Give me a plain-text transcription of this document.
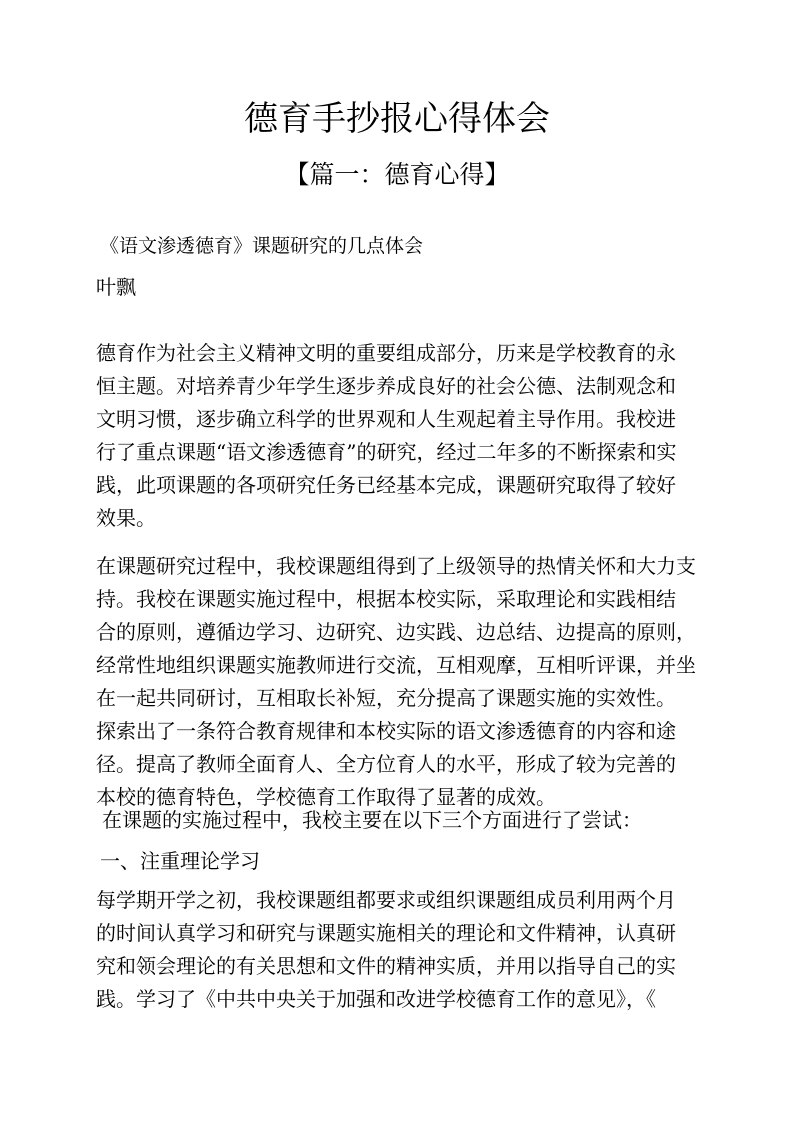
德育手抄报心得体会
【篇一：德育心得】
《语文渗透德育》课题研究的几点体会
叶飘
德育作为社会主义精神文明的重要组成部分，历来是学校教育的永
恒主题。对培养青少年学生逐步养成良好的社会公德、法制观念和
文明习惯，逐步确立科学的世界观和人生观起着主导作用。我校进
行了重点课题“语文渗透德育”的研究，经过二年多的不断探索和实
践，此项课题的各项研究任务已经基本完成，课题研究取得了较好
效果。
在课题研究过程中，我校课题组得到了上级领导的热情关怀和大力支
持。我校在课题实施过程中，根据本校实际，采取理论和实践相结
合的原则，遵循边学习、边研究、边实践、边总结、边提高的原则，
经常性地组织课题实施教师进行交流，互相观摩，互相听评课，并坐
在一起共同研讨，互相取长补短，充分提高了课题实施的实效性。
探索出了一条符合教育规律和本校实际的语文渗透德育的内容和途
径。提高了教师全面育人、全方位育人的水平，形成了较为完善的
本校的德育特色，学校德育工作取得了显著的成效。
在课题的实施过程中，我校主要在以下三个方面进行了尝试：
一、注重理论学习
每学期开学之初，我校课题组都要求或组织课题组成员利用两个月
的时间认真学习和研究与课题实施相关的理论和文件精神，认真研
究和领会理论的有关思想和文件的精神实质，并用以指导自己的实
践。学习了《中共中央关于加强和改进学校德育工作的意见》，《
